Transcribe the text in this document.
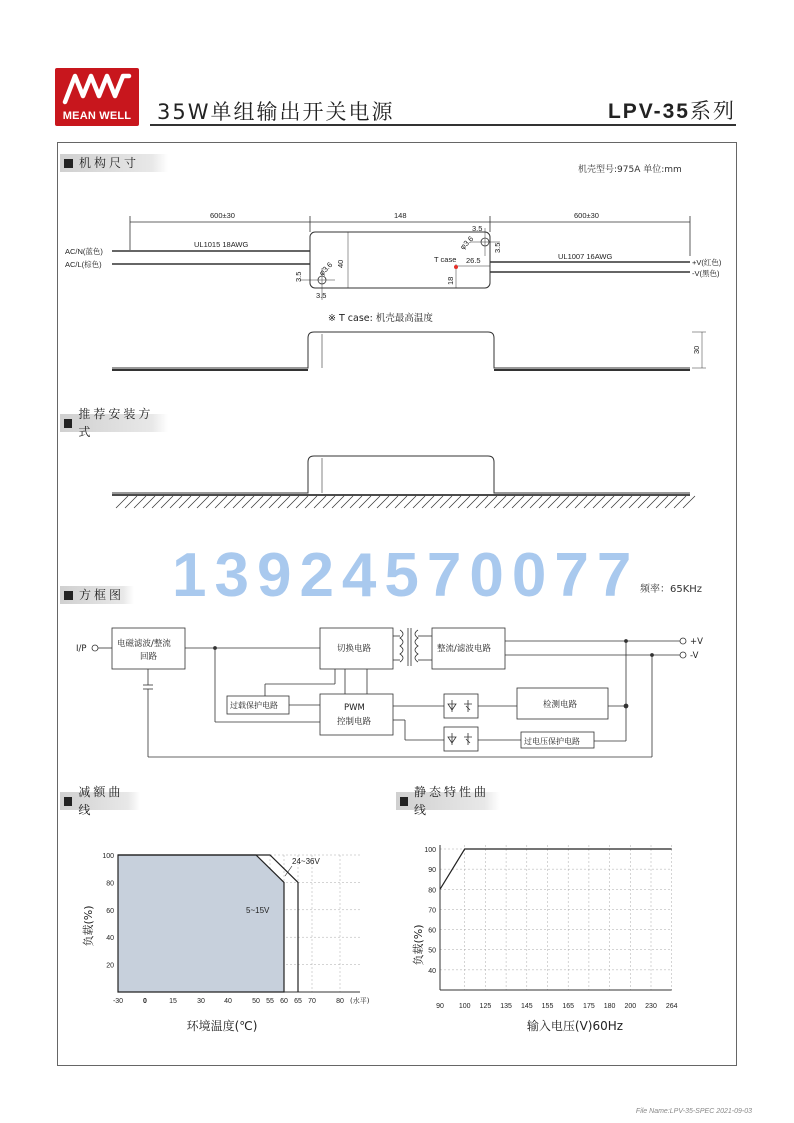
MEAN WELL	35W单组输出开关电源	LPV-35系列
机构尺寸
推荐安装方式
方框图
减额曲线
静态特性曲线
机壳型号:975A 单位:mm
600±30	148	600±30
UL1015 18AWG
UL1007 16AWG
AC/N(蓝色)
AC/L(棕色)	+V(红色)
-V(黑色)
T case
40
18
26.5
3.5
3.5
3.5
3.5
φ3.6
φ3.6
30
※ T case: 机壳最高温度
13924570077 频率：65KHz
I/P	电磁滤波/整流
回路
切换电路	整流/滤波电路
+V
-V
过载保护电路	PWM
控制电路
检测电路
过电压保护电路
20
40
60
80
100
-30	0	15	30	40	50 55 60 65 70	80 (水平)
5~15V
24~36V
负载(%)
环境温度(℃)
40
50
60
70
80
90
100
90 100 125 135 145 155 165 175 180 200 230 264
负载(%)
输入电压(V)60Hz
File Name:LPV-35-SPEC 2021-09-03
